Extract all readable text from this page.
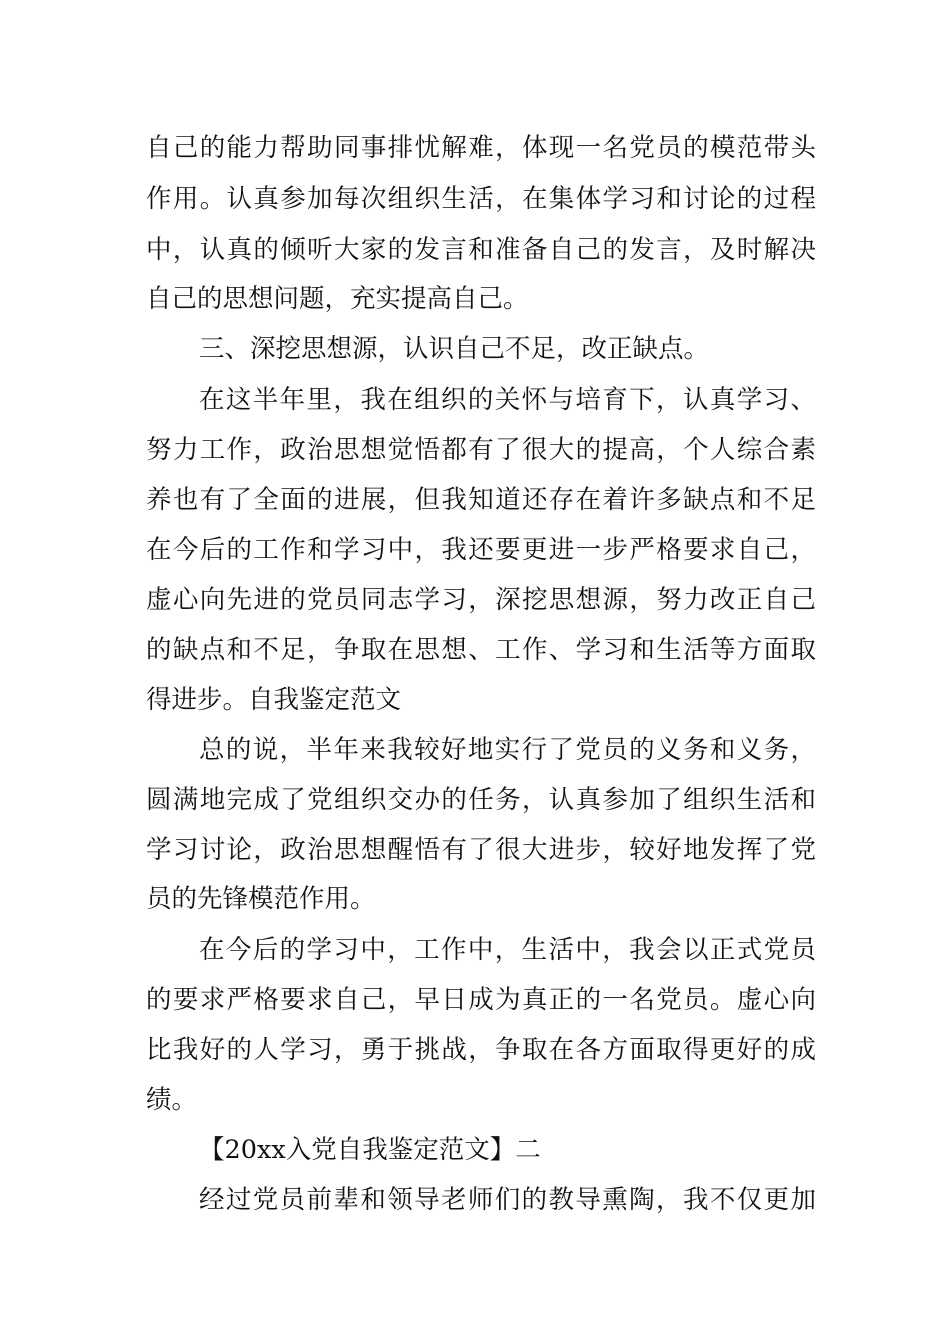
自己的能力帮助同事排忧解难，体现一名党员的模范带头
作用。认真参加每次组织生活，在集体学习和讨论的过程
中，认真的倾听大家的发言和准备自己的发言，及时解决
自己的思想问题，充实提高自己。
三、深挖思想源，认识自己不足，改正缺点。
在这半年里，我在组织的关怀与培育下，认真学习、
努力工作，政治思想觉悟都有了很大的提高，个人综合素
养也有了全面的进展，但我知道还存在着许多缺点和不足
在今后的工作和学习中，我还要更进一步严格要求自己，
虚心向先进的党员同志学习，深挖思想源，努力改正自己
的缺点和不足，争取在思想、工作、学习和生活等方面取
得进步。自我鉴定范文
总的说，半年来我较好地实行了党员的义务和义务，
圆满地完成了党组织交办的任务，认真参加了组织生活和
学习讨论，政治思想醒悟有了很大进步，较好地发挥了党
员的先锋模范作用。
在今后的学习中，工作中，生活中，我会以正式党员
的要求严格要求自己，早日成为真正的一名党员。虚心向
比我好的人学习，勇于挑战，争取在各方面取得更好的成
绩。
【20xx入党自我鉴定范文】二
经过党员前辈和领导老师们的教导熏陶，我不仅更加
